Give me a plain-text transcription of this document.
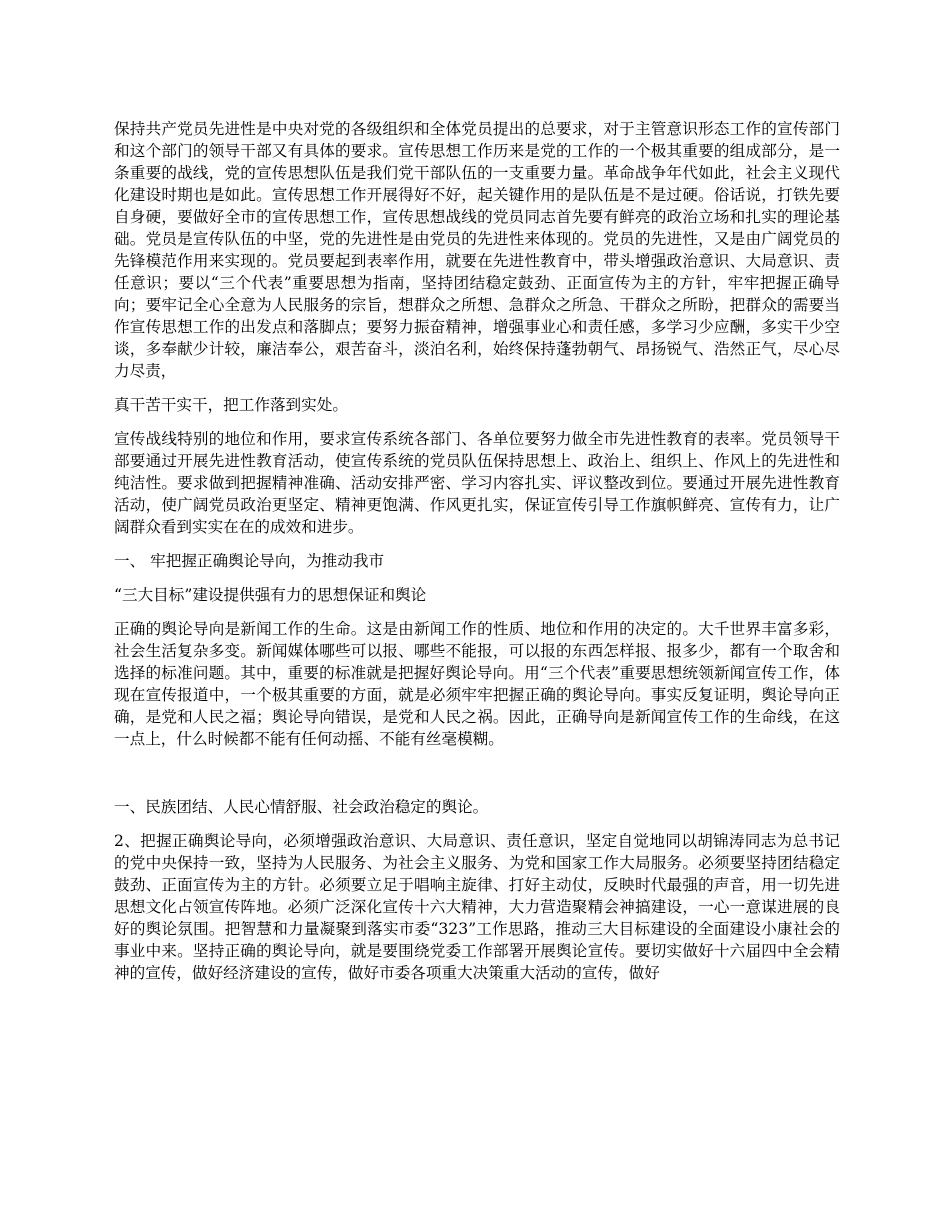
保持共产党员先进性是中央对党的各级组织和全体党员提出的总要求，对于主管意识形态工作的宣传部门和这个部门的领导干部又有具体的要求。宣传思想工作历来是党的工作的一个极其重要的组成部分，是一条重要的战线，党的宣传思想队伍是我们党干部队伍的一支重要力量。革命战争年代如此，社会主义现代化建设时期也是如此。宣传思想工作开展得好不好，起关键作用的是队伍是不是过硬。俗话说，打铁先要自身硬，要做好全市的宣传思想工作，宣传思想战线的党员同志首先要有鲜亮的政治立场和扎实的理论基础。党员是宣传队伍的中坚，党的先进性是由党员的先进性来体现的。党员的先进性，又是由广阔党员的先锋模范作用来实现的。党员要起到表率作用，就要在先进性教育中，带头增强政治意识、大局意识、责任意识；要以“三个代表”重要思想为指南，坚持团结稳定鼓劲、正面宣传为主的方针，牢牢把握正确导向；要牢记全心全意为人民服务的宗旨，想群众之所想、急群众之所急、干群众之所盼，把群众的需要当作宣传思想工作的出发点和落脚点；要努力振奋精神，增强事业心和责任感，多学习少应酬，多实干少空谈，多奉献少计较，廉洁奉公，艰苦奋斗，淡泊名利，始终保持蓬勃朝气、昂扬锐气、浩然正气，尽心尽力尽责，

真干苦干实干，把工作落到实处。

宣传战线特别的地位和作用，要求宣传系统各部门、各单位要努力做全市先进性教育的表率。党员领导干部要通过开展先进性教育活动，使宣传系统的党员队伍保持思想上、政治上、组织上、作风上的先进性和纯洁性。要求做到把握精神准确、活动安排严密、学习内容扎实、评议整改到位。要通过开展先进性教育活动，使广阔党员政治更坚定、精神更饱满、作风更扎实，保证宣传引导工作旗帜鲜亮、宣传有力，让广阔群众看到实实在在的成效和进步。

一、 牢把握正确舆论导向，为推动我市

“三大目标”建设提供强有力的思想保证和舆论

正确的舆论导向是新闻工作的生命。这是由新闻工作的性质、地位和作用的决定的。大千世界丰富多彩，社会生活复杂多变。新闻媒体哪些可以报、哪些不能报，可以报的东西怎样报、报多少，都有一个取舍和选择的标准问题。其中，重要的标准就是把握好舆论导向。用“三个代表”重要思想统领新闻宣传工作，体现在宣传报道中，一个极其重要的方面，就是必须牢牢把握正确的舆论导向。事实反复证明，舆论导向正确，是党和人民之福；舆论导向错误，是党和人民之祸。因此，正确导向是新闻宣传工作的生命线，在这一点上，什么时候都不能有任何动摇、不能有丝毫模糊。

一、民族团结、人民心情舒服、社会政治稳定的舆论。

2、把握正确舆论导向，必须增强政治意识、大局意识、责任意识，坚定自觉地同以胡锦涛同志为总书记的党中央保持一致，坚持为人民服务、为社会主义服务、为党和国家工作大局服务。必须要坚持团结稳定鼓劲、正面宣传为主的方针。必须要立足于唱响主旋律、打好主动仗，反映时代最强的声音，用一切先进思想文化占领宣传阵地。必须广泛深化宣传十六大精神，大力营造聚精会神搞建设，一心一意谋进展的良好的舆论氛围。把智慧和力量凝聚到落实市委“323”工作思路，推动三大目标建设的全面建设小康社会的事业中来。坚持正确的舆论导向，就是要围绕党委工作部署开展舆论宣传。要切实做好十六届四中全会精神的宣传，做好经济建设的宣传，做好市委各项重大决策重大活动的宣传，做好
